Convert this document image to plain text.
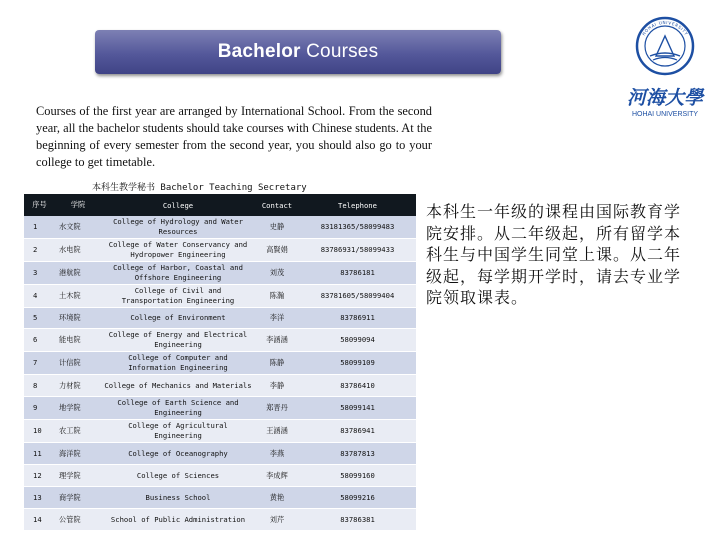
Bachelor Courses
HOHAI UNIVERSITY
河海大學
HOHAI UNIVERSITY
Courses of the first year are arranged by International School. From the second year, all the bachelor students should take courses with Chinese students. At the beginning of every semester from the second year, you should also go to your college to get timetable.
本科生教学秘书 Bachelor Teaching Secretary
序号	学院	College	Contact	Telephone
1	水文院	College of Hydrology and Water Resources	史静	83181365/58099483
2	水电院	College of Water Conservancy and Hydropower Engineering	高賢娟	83786931/58099433
3	港航院	College of Harbor, Coastal and Offshore Engineering	刘茂	83786181
4	土木院	College of Civil and Transportation Engineering	陈瀚	83781605/58099404
5	环境院	College of Environment	李洋	83786911
6	能电院	College of Energy and Electrical Engineering	李涵涵	58099094
7	计信院	College of Computer and Information Engineering	陈静	58099109
8	力材院	College of Mechanics and Materials	李静	83786410
9	地学院	College of Earth Science and Engineering	郑晋丹	58099141
10	农工院	College of Agricultural Engineering	王涵涵	83786941
11	海洋院	College of Oceanography	李燕	83787813
12	理学院	College of Sciences	李成辉	58099160
13	商学院	Business School	黄艳	58099216
14	公管院	School of Public Administration	刘芹	83786381
本科生一年级的课程由国际教育学院安排。从二年级起，所有留学本科生与中国学生同堂上课。从二年级起，每学期开学时，请去专业学院领取课表。
